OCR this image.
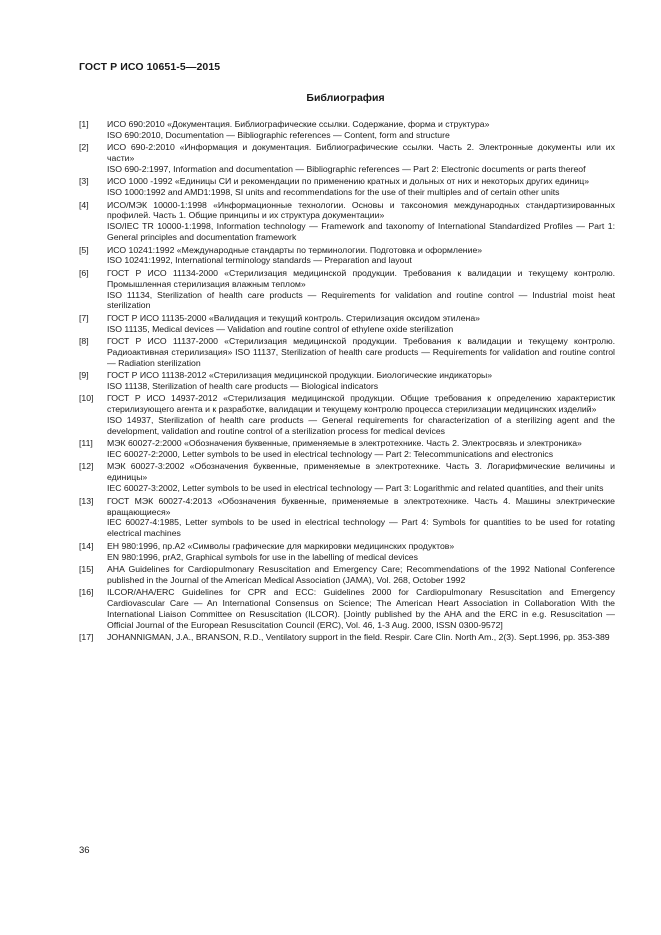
ГОСТ Р ИСО 10651-5—2015
Библиография
[1] ИСО 690:2010 «Документация. Библиографические ссылки. Содержание, форма и структура»
ISO 690:2010, Documentation — Bibliographic references — Content, form and structure
[2] ИСО 690-2:2010 «Информация и документация. Библиографические ссылки. Часть 2. Электронные документы или их части»
ISO 690-2:1997, Information and documentation — Bibliographic references — Part 2: Electronic documents or parts thereof
[3] ИСО 1000 -1992 «Единицы СИ и рекомендации по применению кратных и дольных от них и некоторых других единиц»
ISO 1000:1992 and AMD1:1998, SI units and recommendations for the use of their multiples and of certain other units
[4] ИСО/МЭК 10000-1:1998 «Информационные технологии. Основы и таксономия международных стандартизированных профилей. Часть 1. Общие принципы и их структура документации»
ISO/IEC TR 10000-1:1998, Information technology — Framework and taxonomy of International Standardized Profiles — Part 1: General principles and documentation framework
[5] ИСО 10241:1992 «Международные стандарты по терминологии. Подготовка и оформление»
ISO 10241:1992, International terminology standards — Preparation and layout
[6] ГОСТ Р ИСО 11134-2000 «Стерилизация медицинской продукции. Требования к валидации и текущему контролю. Промышленная стерилизация влажным теплом»
ISO 11134, Sterilization of health care products — Requirements for validation and routine control — Industrial moist heat sterilization
[7] ГОСТ Р ИСО 11135-2000 «Валидация и текущий контроль. Стерилизация оксидом этилена»
ISO 11135, Medical devices — Validation and routine control of ethylene oxide sterilization
[8] ГОСТ Р ИСО 11137-2000 «Стерилизация медицинской продукции. Требования к валидации и текущему контролю. Радиоактивная стерилизация» ISO 11137, Sterilization of health care products — Requirements for validation and routine control — Radiation sterilization
[9] ГОСТ Р ИСО 11138-2012 «Стерилизация медицинской продукции. Биологические индикаторы»
ISO 11138, Sterilization of health care products — Biological indicators
[10] ГОСТ Р ИСО 14937-2012 «Стерилизация медицинской продукции. Общие требования к определению характеристик стерилизующего агента и к разработке, валидации и текущему контролю процесса стерилизации медицинских изделий»
ISO 14937, Sterilization of health care products — General requirements for characterization of a sterilizing agent and the development, validation and routine control of a sterilization process for medical devices
[11] МЭК 60027-2:2000 «Обозначения буквенные, применяемые в электротехнике. Часть 2. Электросвязь и электроника»
IEC 60027-2:2000, Letter symbols to be used in electrical technology — Part 2: Telecommunications and electronics
[12] МЭК 60027-3:2002 «Обозначения буквенные, применяемые в электротехнике. Часть 3. Логарифмические величины и единицы»
IEC 60027-3:2002, Letter symbols to be used in electrical technology — Part 3: Logarithmic and related quantities, and their units
[13] ГОСТ МЭК 60027-4:2013 «Обозначения буквенные, применяемые в электротехнике. Часть 4. Машины электрические вращающиеся»
IEC 60027-4:1985, Letter symbols to be used in electrical technology — Part 4: Symbols for quantities to be used for rotating electrical machines
[14] ЕН 980:1996, пр.А2 «Символы графические для маркировки медицинских продуктов»
EN 980:1996, prA2, Graphical symbols for use in the labelling of medical devices
[15] AHA Guidelines for Cardiopulmonary Resuscitation and Emergency Care; Recommendations of the 1992 National Conference published in the Journal of the American Medical Association (JAMA), Vol. 268, October 1992
[16] ILCOR/AHA/ERC Guidelines for CPR and ECC: Guidelines 2000 for Cardiopulmonary Resuscitation and Emergency Cardiovascular Care — An International Consensus on Science; The American Heart Association in Collaboration With the International Liaison Committee on Resuscitation (ILCOR). [Jointly published by the AHA and the ERC in e.g. Resuscitation — Official Journal of the European Resuscitation Council (ERC), Vol. 46, 1-3 Aug. 2000, ISSN 0300-9572]
[17] JOHANNIGMAN, J.A., BRANSON, R.D., Ventilatory support in the field. Respir. Care Clin. North Am., 2(3). Sept.1996, pp. 353-389
36
